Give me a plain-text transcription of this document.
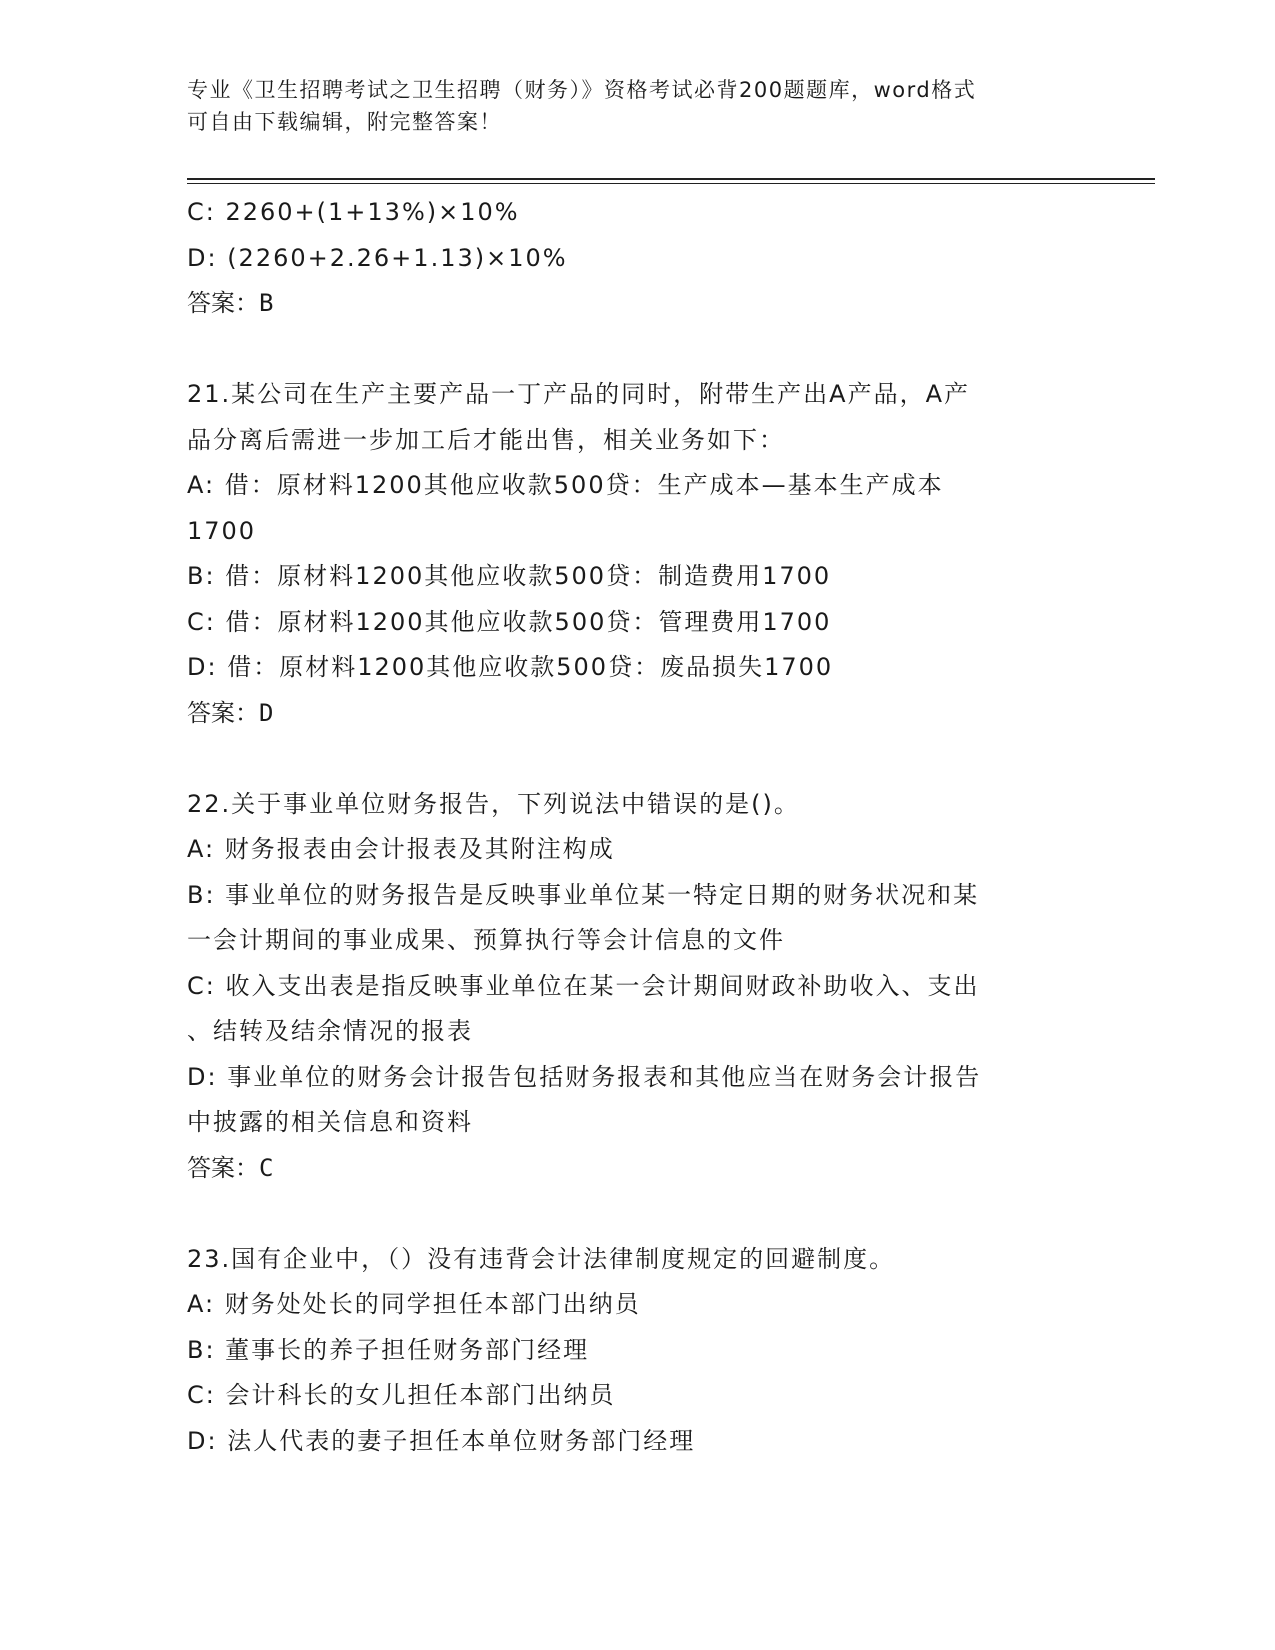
专业《卫生招聘考试之卫生招聘（财务）》资格考试必背200题题库，word格式
可自由下载编辑，附完整答案！
C: 2260+(1+13%)×10%
D: (2260+2.26+1.13)×10%
答案：B
21.某公司在生产主要产品一丁产品的同时，附带生产出A产品，A产
品分离后需进一步加工后才能出售，相关业务如下：
A: 借：原材料1200其他应收款500贷：生产成本—基本生产成本
1700
B: 借：原材料1200其他应收款500贷：制造费用1700
C: 借：原材料1200其他应收款500贷：管理费用1700
D: 借：原材料1200其他应收款500贷：废品损失1700
答案：D
22.关于事业单位财务报告，下列说法中错误的是()。
A: 财务报表由会计报表及其附注构成
B: 事业单位的财务报告是反映事业单位某一特定日期的财务状况和某
一会计期间的事业成果、预算执行等会计信息的文件
C: 收入支出表是指反映事业单位在某一会计期间财政补助收入、支出
、结转及结余情况的报表
D: 事业单位的财务会计报告包括财务报表和其他应当在财务会计报告
中披露的相关信息和资料
答案：C
23.国有企业中，（）没有违背会计法律制度规定的回避制度。
A: 财务处处长的同学担任本部门出纳员
B: 董事长的养子担任财务部门经理
C: 会计科长的女儿担任本部门出纳员
D: 法人代表的妻子担任本单位财务部门经理
